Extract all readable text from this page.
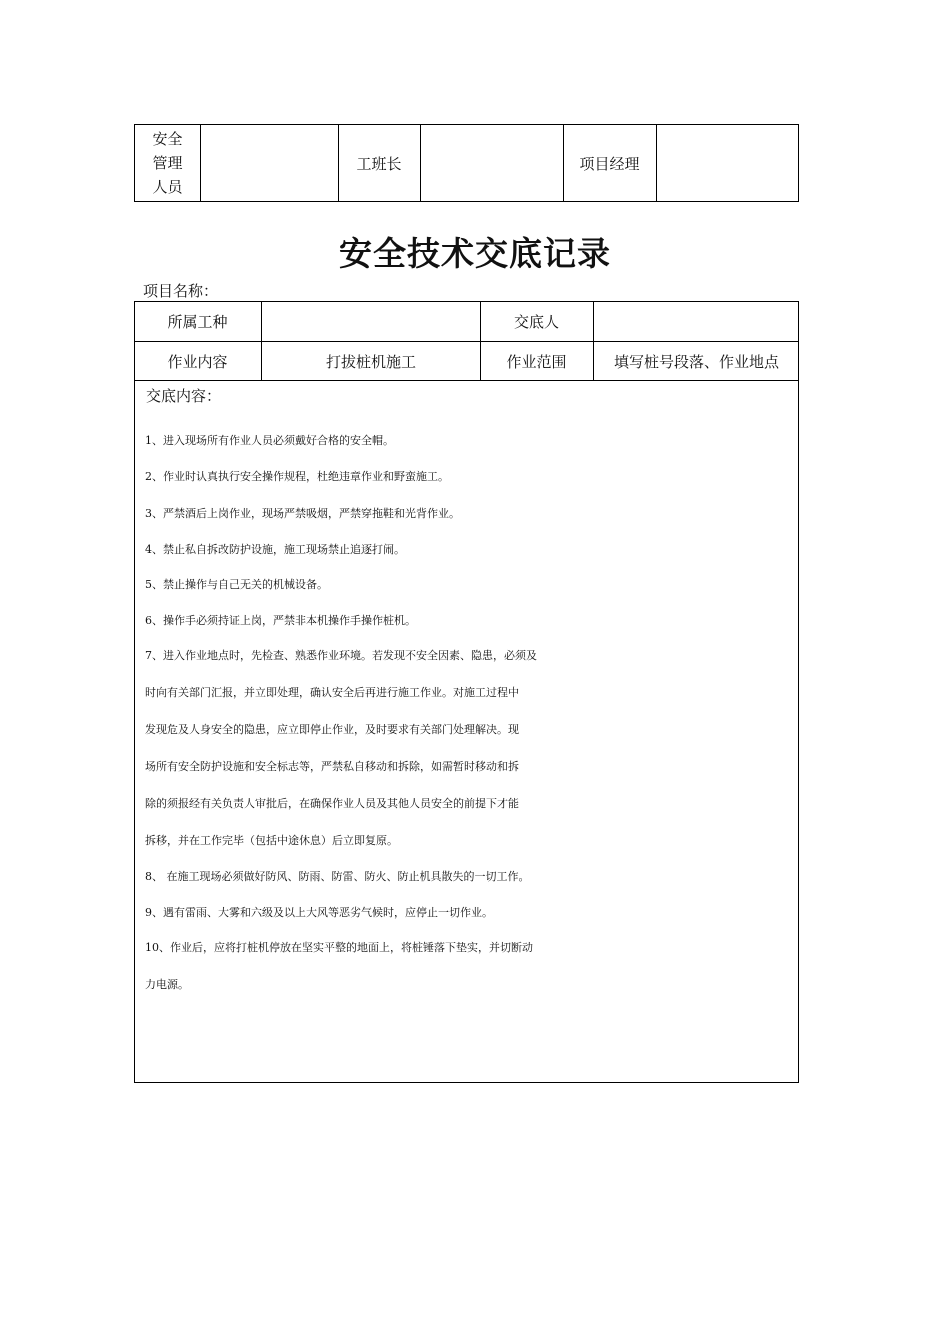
安全
管理
人员
工班长	项目经理
安全技术交底记录
项目名称：
所属工种	交底人
作业内容	打拔桩机施工	作业范围	填写桩号段落、作业地点
交底内容：
1、进入现场所有作业人员必须戴好合格的安全帽。
2、作业时认真执行安全操作规程，杜绝违章作业和野蛮施工。
3、严禁酒后上岗作业，现场严禁吸烟，严禁穿拖鞋和光背作业。
4、禁止私自拆改防护设施，施工现场禁止追逐打闹。
5、禁止操作与自己无关的机械设备。
6、操作手必须持证上岗，严禁非本机操作手操作桩机。
7、进入作业地点时，先检查、熟悉作业环境。若发现不安全因素、隐患，必须及
时向有关部门汇报，并立即处理，确认安全后再进行施工作业。对施工过程中
发现危及人身安全的隐患，应立即停止作业，及时要求有关部门处理解决。现
场所有安全防护设施和安全标志等，严禁私自移动和拆除，如需暂时移动和拆
除的须报经有关负责人审批后，在确保作业人员及其他人员安全的前提下才能
拆移，并在工作完毕（包括中途休息）后立即复原。
8、 在施工现场必须做好防风、防雨、防雷、防火、防止机具散失的一切工作。
9、遇有雷雨、大雾和六级及以上大风等恶劣气候时，应停止一切作业。
10、作业后，应将打桩机停放在坚实平整的地面上，将桩锤落下垫实，并切断动
力电源。
